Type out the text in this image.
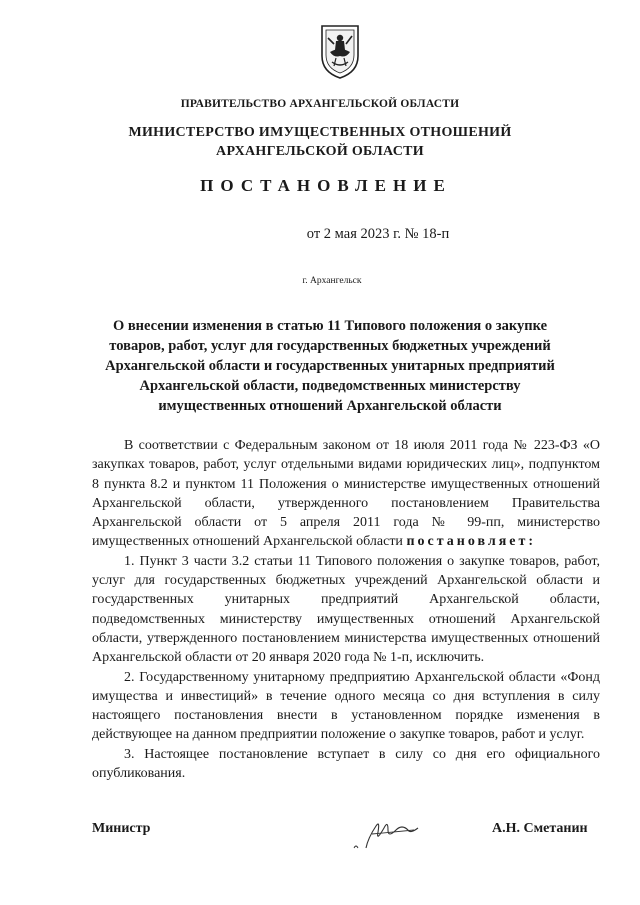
ПРАВИТЕЛЬСТВО АРХАНГЕЛЬСКОЙ ОБЛАСТИ
МИНИСТЕРСТВО ИМУЩЕСТВЕННЫХ ОТНОШЕНИЙ
АРХАНГЕЛЬСКОЙ ОБЛАСТИ
ПОСТАНОВЛЕНИЕ
от 2 мая 2023 г. № 18-п
г. Архангельск
О внесении изменения в статью 11 Типового положения о закупке
товаров, работ, услуг для государственных бюджетных учреждений
Архангельской области и государственных унитарных предприятий
Архангельской области, подведомственных министерству
имущественных отношений Архангельской области

В соответствии с Федеральным законом от 18 июля 2011 года № 223-ФЗ «О закупках товаров, работ, услуг отдельными видами юридических лиц», подпунктом 8 пункта 8.2 и пунктом 11 Положения о министерстве имущественных отношений Архангельской области, утвержденного постановлением Правительства Архангельской области от 5 апреля 2011 года № 99-пп, министерство имущественных отношений Архангельской области постановляет:

1. Пункт 3 части 3.2 статьи 11 Типового положения о закупке товаров, работ, услуг для государственных бюджетных учреждений Архангельской области и государственных унитарных предприятий Архангельской области, подведомственных министерству имущественных отношений Архангельской области, утвержденного постановлением министерства имущественных отношений Архангельской области от 20 января 2020 года № 1-п, исключить.

2. Государственному унитарному предприятию Архангельской области «Фонд имущества и инвестиций» в течение одного месяца со дня вступления в силу настоящего постановления внести в установленном порядке изменения в действующее на данном предприятии положение о закупке товаров, работ и услуг.

3. Настоящее постановление вступает в силу со дня его официального опубликования.

Министр	А.Н. Сметанин
